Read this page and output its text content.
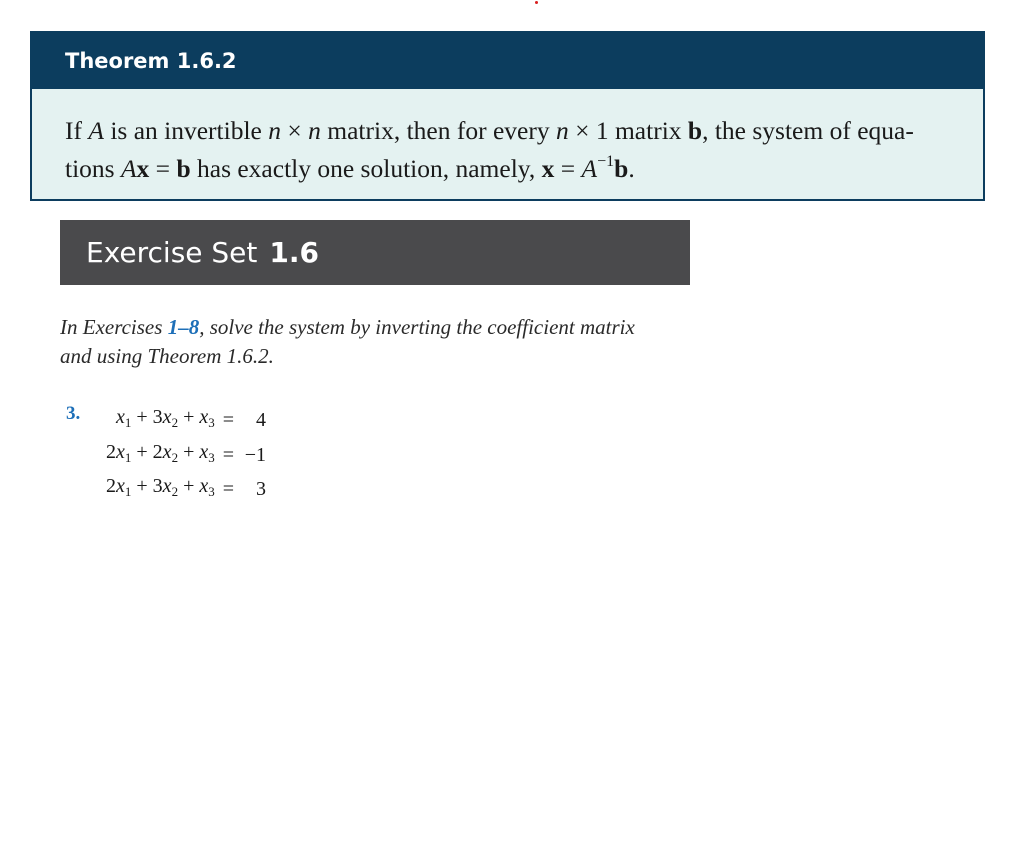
Theorem 1.6.2
If A is an invertible n × n matrix, then for every n × 1 matrix b, the system of equa-
tions Ax = b has exactly one solution, namely, $x = A^{-1}b$.
Exercise Set 1.6
In Exercises 1–8, solve the system by inverting the coefficient matrix
and using Theorem 1.6.2.
3. $x_1 + 3x_2 + x_3$	=	4
$2x_1 + 2x_2 + x_3$	=	−1
$2x_1 + 3x_2 + x_3$	=	3
